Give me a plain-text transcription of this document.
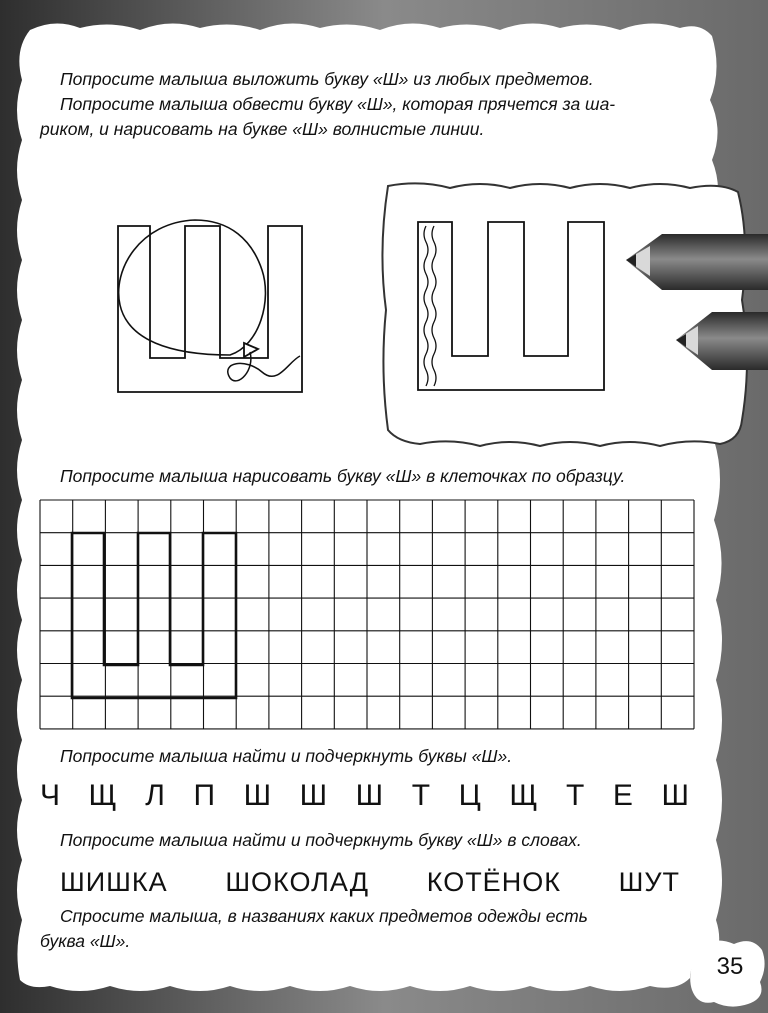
Попросите малыша выложить букву «Ш» из любых предметов.

Попросите малыша обвести букву «Ш», которая прячется за ша-

риком, и нарисовать на букве «Ш» волнистые линии.

Попросите малыша нарисовать букву «Ш» в клеточках по образцу.

Попросите малыша найти и подчеркнуть буквы «Ш».

Ч Щ Л П Ш Ш Ш Т Ц Щ Т Е Ш

Попросите малыша найти и подчеркнуть букву «Ш» в словах.

ШИШКА ШОКОЛАД КОТЁНОК ШУТ

Спросите малыша, в названиях каких предметов одежды есть

буква «Ш».

35
